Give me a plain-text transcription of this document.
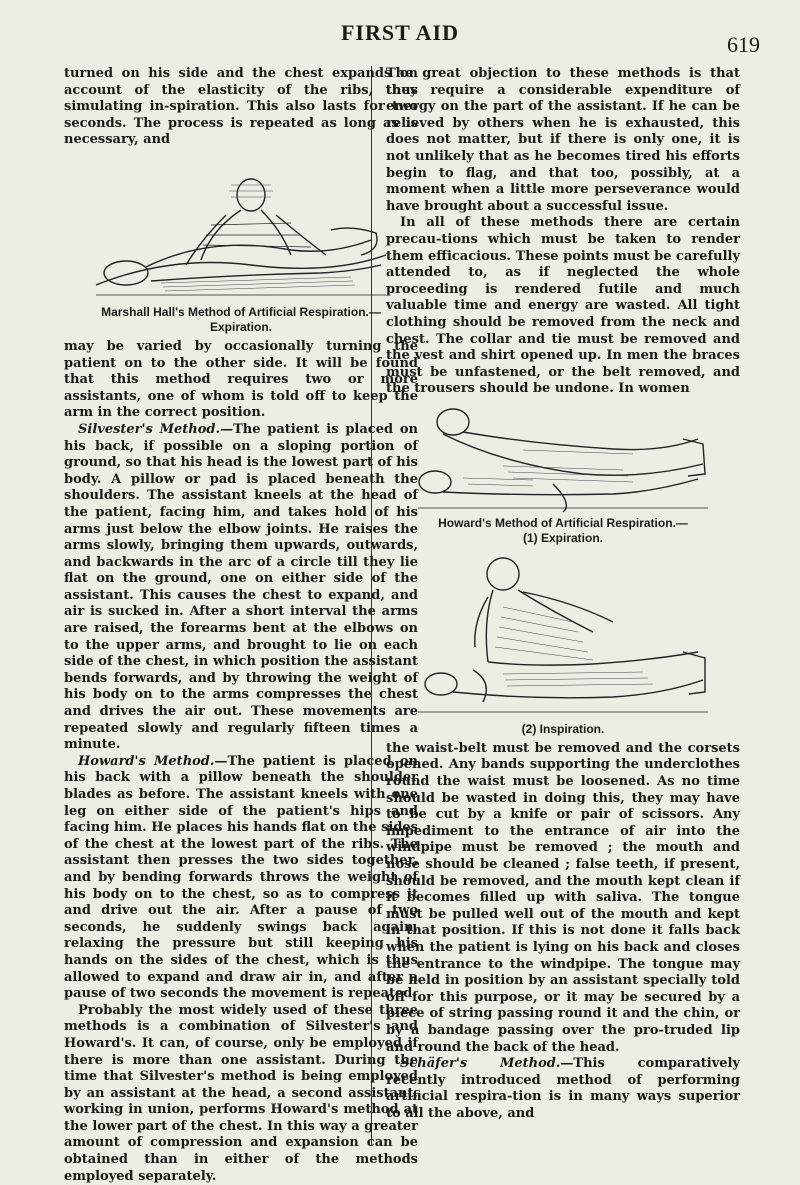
FIRST AID	619

turned on his side and the chest expands on account of the elasticity of the ribs, thus simulating in-spiration. This also lasts for two seconds. The process is repeated as long as is necessary, and

Marshall Hall's Method of Artificial Respiration.—
Expiration.

may be varied by occasionally turning the patient on to the other side. It will be found that this method requires two or more assistants, one of whom is told off to keep the arm in the correct position.

Silvester's Method.—The patient is placed on his back, if possible on a sloping portion of ground, so that his head is the lowest part of his body. A pillow or pad is placed beneath the shoulders. The assistant kneels at the head of the patient, facing him, and takes hold of his arms just below the elbow joints. He raises the arms slowly, bringing them upwards, outwards, and backwards in the arc of a circle till they lie flat on the ground, one on either side of the assistant. This causes the chest to expand, and air is sucked in. After a short interval the arms are raised, the forearms bent at the elbows on to the upper arms, and brought to lie on each side of the chest, in which position the assistant bends forwards, and by throwing the weight of his body on to the arms compresses the chest and drives the air out. These movements are repeated slowly and regularly fifteen times a minute.

Howard's Method.—The patient is placed on his back with a pillow beneath the shoulder blades as before. The assistant kneels with one leg on either side of the patient's hips and facing him. He places his hands flat on the sides of the chest at the lowest part of the ribs. The assistant then presses the two sides together, and by bending forwards throws the weight of his body on to the chest, so as to compress it and drive out the air. After a pause of two seconds, he suddenly swings back again, relaxing the pressure but still keeping his hands on the sides of the chest, which is thus allowed to expand and draw air in, and after a pause of two seconds the movement is repeated.

Probably the most widely used of these three methods is a combination of Silvester's and Howard's. It can, of course, only be employed if there is more than one assistant. During the time that Silvester's method is being employed by an assistant at the head, a second assistant, working in union, performs Howard's method at the lower part of the chest. In this way a greater amount of compression and expansion can be obtained than in either of the methods employed separately.

The great objection to these methods is that they require a considerable expenditure of energy on the part of the assistant. If he can be relieved by others when he is exhausted, this does not matter, but if there is only one, it is not unlikely that as he becomes tired his efforts begin to flag, and that too, possibly, at a moment when a little more perseverance would have brought about a successful issue.

In all of these methods there are certain precau-tions which must be taken to render them efficacious. These points must be carefully attended to, as if neglected the whole proceeding is rendered futile and much valuable time and energy are wasted. All tight clothing should be removed from the neck and chest. The collar and tie must be removed and the vest and shirt opened up. In men the braces must be unfastened, or the belt removed, and the trousers should be undone. In women

Howard's Method of Artificial Respiration.—
(1) Expiration.
(2) Inspiration.

the waist-belt must be removed and the corsets opened. Any bands supporting the underclothes round the waist must be loosened. As no time should be wasted in doing this, they may have to be cut by a knife or pair of scissors. Any impediment to the entrance of air into the windpipe must be removed ; the mouth and nose should be cleaned ; false teeth, if present, should be removed, and the mouth kept clean if it becomes filled up with saliva. The tongue must be pulled well out of the mouth and kept in that position. If this is not done it falls back when the patient is lying on his back and closes the entrance to the windpipe. The tongue may be held in position by an assistant specially told off for this purpose, or it may be secured by a piece of string passing round it and the chin, or by a bandage passing over the pro-truded lip and round the back of the head.

Schäfer's Method.—This comparatively recently introduced method of performing artificial respira-tion is in many ways superior to all the above, and
